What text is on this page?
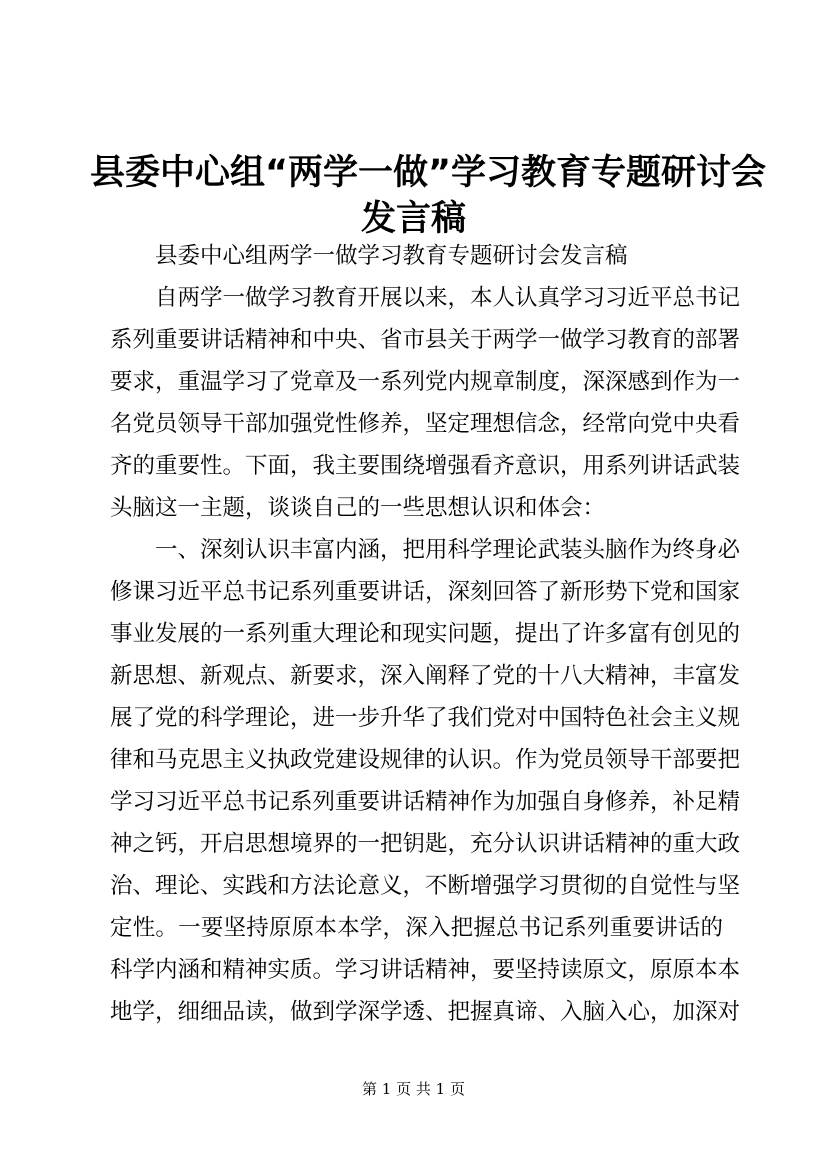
县委中心组“两学一做”学习教育专题研讨会
发言稿
县委中心组两学一做学习教育专题研讨会发言稿
自两学一做学习教育开展以来，本人认真学习习近平总书记
系列重要讲话精神和中央、省市县关于两学一做学习教育的部署
要求，重温学习了党章及一系列党内规章制度，深深感到作为一
名党员领导干部加强党性修养，坚定理想信念，经常向党中央看
齐的重要性。下面，我主要围绕增强看齐意识，用系列讲话武装
头脑这一主题，谈谈自己的一些思想认识和体会：
一、深刻认识丰富内涵，把用科学理论武装头脑作为终身必
修课习近平总书记系列重要讲话，深刻回答了新形势下党和国家
事业发展的一系列重大理论和现实问题，提出了许多富有创见的
新思想、新观点、新要求，深入阐释了党的十八大精神，丰富发
展了党的科学理论，进一步升华了我们党对中国特色社会主义规
律和马克思主义执政党建设规律的认识。作为党员领导干部要把
学习习近平总书记系列重要讲话精神作为加强自身修养，补足精
神之钙，开启思想境界的一把钥匙，充分认识讲话精神的重大政
治、理论、实践和方法论意义，不断增强学习贯彻的自觉性与坚
定性。一要坚持原原本本学，深入把握总书记系列重要讲话的
科学内涵和精神实质。学习讲话精神，要坚持读原文，原原本本
地学，细细品读，做到学深学透、把握真谛、入脑入心，加深对
第 1 页 共 1 页
